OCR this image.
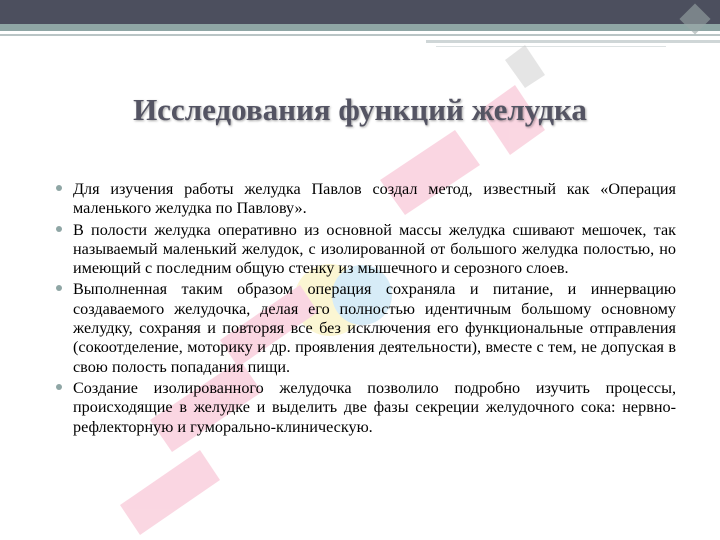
Исследования функций желудка
Для изучения работы желудка Павлов создал метод, известный как «Операция маленького желудка по Павлову».
В полости желудка оперативно из основной массы желудка сшивают мешочек, так называемый маленький желудок, с изолированной от большого желудка полостью, но имеющий с последним общую стенку из мышечного и серозного слоев.
Выполненная таким образом операция сохраняла и питание, и иннервацию создаваемого желудочка, делая его полностью идентичным большому основному желудку, сохраняя и повторяя все без исключения его функциональные отправления (сокоотделение, моторику и др. проявления деятельности), вместе с тем, не допуская в свою полость попадания пищи.
Создание изолированного желудочка позволило подробно изучить процессы, происходящие в желудке и выделить две фазы секреции желудочного сока: нервно-рефлекторную и гуморально-клиническую.
